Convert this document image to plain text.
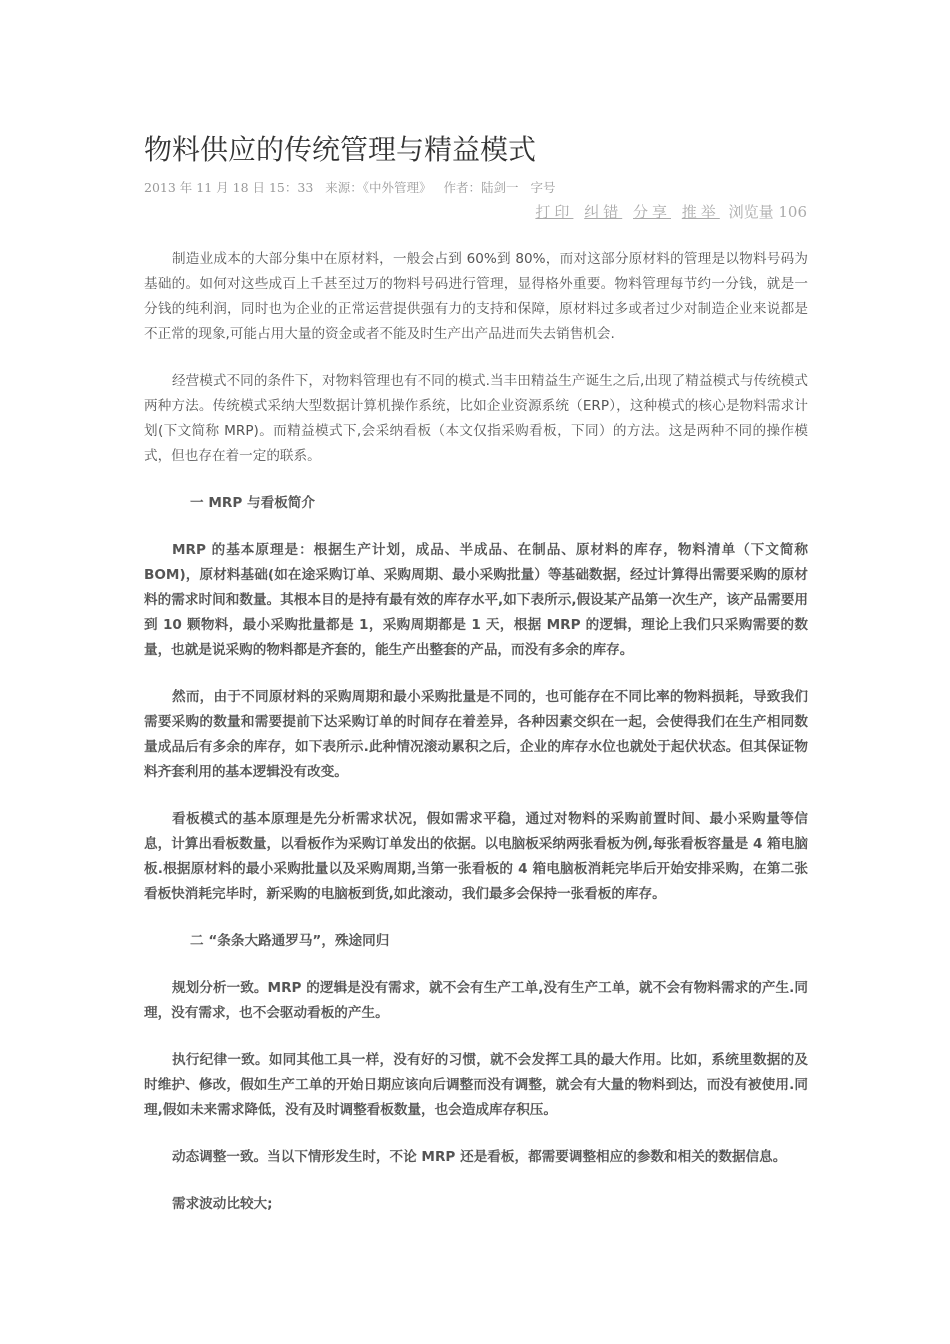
物料供应的传统管理与精益模式
2013 年 11 月 18 日 15：33 来源：《中外管理》 作者：陆剑一 字号
打印 纠错 分享 推举 浏览量 106

制造业成本的大部分集中在原材料，一般会占到 60%到 80%，而对这部分原材料的管理是以物料号码为基础的。如何对这些成百上千甚至过万的物料号码进行管理，显得格外重要。物料管理每节约一分钱，就是一分钱的纯利润，同时也为企业的正常运营提供强有力的支持和保障，原材料过多或者过少对制造企业来说都是不正常的现象,可能占用大量的资金或者不能及时生产出产品进而失去销售机会.

经营模式不同的条件下，对物料管理也有不同的模式.当丰田精益生产诞生之后,出现了精益模式与传统模式两种方法。传统模式采纳大型数据计算机操作系统，比如企业资源系统（ERP），这种模式的核心是物料需求计划(下文简称 MRP)。而精益模式下,会采纳看板（本文仅指采购看板，下同）的方法。这是两种不同的操作模式，但也存在着一定的联系。

一 MRP 与看板简介

MRP 的基本原理是：根据生产计划，成品、半成品、在制品、原材料的库存，物料清单（下文简称 BOM)，原材料基础(如在途采购订单、采购周期、最小采购批量）等基础数据，经过计算得出需要采购的原材料的需求时间和数量。其根本目的是持有最有效的库存水平,如下表所示,假设某产品第一次生产，该产品需要用到 10 颗物料，最小采购批量都是 1，采购周期都是 1 天，根据 MRP 的逻辑，理论上我们只采购需要的数量，也就是说采购的物料都是齐套的，能生产出整套的产品，而没有多余的库存。

然而，由于不同原材料的采购周期和最小采购批量是不同的，也可能存在不同比率的物料损耗，导致我们需要采购的数量和需要提前下达采购订单的时间存在着差异，各种因素交织在一起，会使得我们在生产相同数量成品后有多余的库存，如下表所示.此种情况滚动累积之后，企业的库存水位也就处于起伏状态。但其保证物料齐套利用的基本逻辑没有改变。

看板模式的基本原理是先分析需求状况，假如需求平稳，通过对物料的采购前置时间、最小采购量等信息，计算出看板数量，以看板作为采购订单发出的依据。以电脑板采纳两张看板为例,每张看板容量是 4 箱电脑板.根据原材料的最小采购批量以及采购周期,当第一张看板的 4 箱电脑板消耗完毕后开始安排采购，在第二张看板快消耗完毕时，新采购的电脑板到货,如此滚动，我们最多会保持一张看板的库存。

二 “条条大路通罗马”，殊途同归

规划分析一致。MRP 的逻辑是没有需求，就不会有生产工单,没有生产工单，就不会有物料需求的产生.同理，没有需求，也不会驱动看板的产生。

执行纪律一致。如同其他工具一样，没有好的习惯，就不会发挥工具的最大作用。比如，系统里数据的及时维护、修改，假如生产工单的开始日期应该向后调整而没有调整，就会有大量的物料到达，而没有被使用.同理,假如未来需求降低，没有及时调整看板数量，也会造成库存积压。

动态调整一致。当以下情形发生时，不论 MRP 还是看板，都需要调整相应的参数和相关的数据信息。

需求波动比较大;
